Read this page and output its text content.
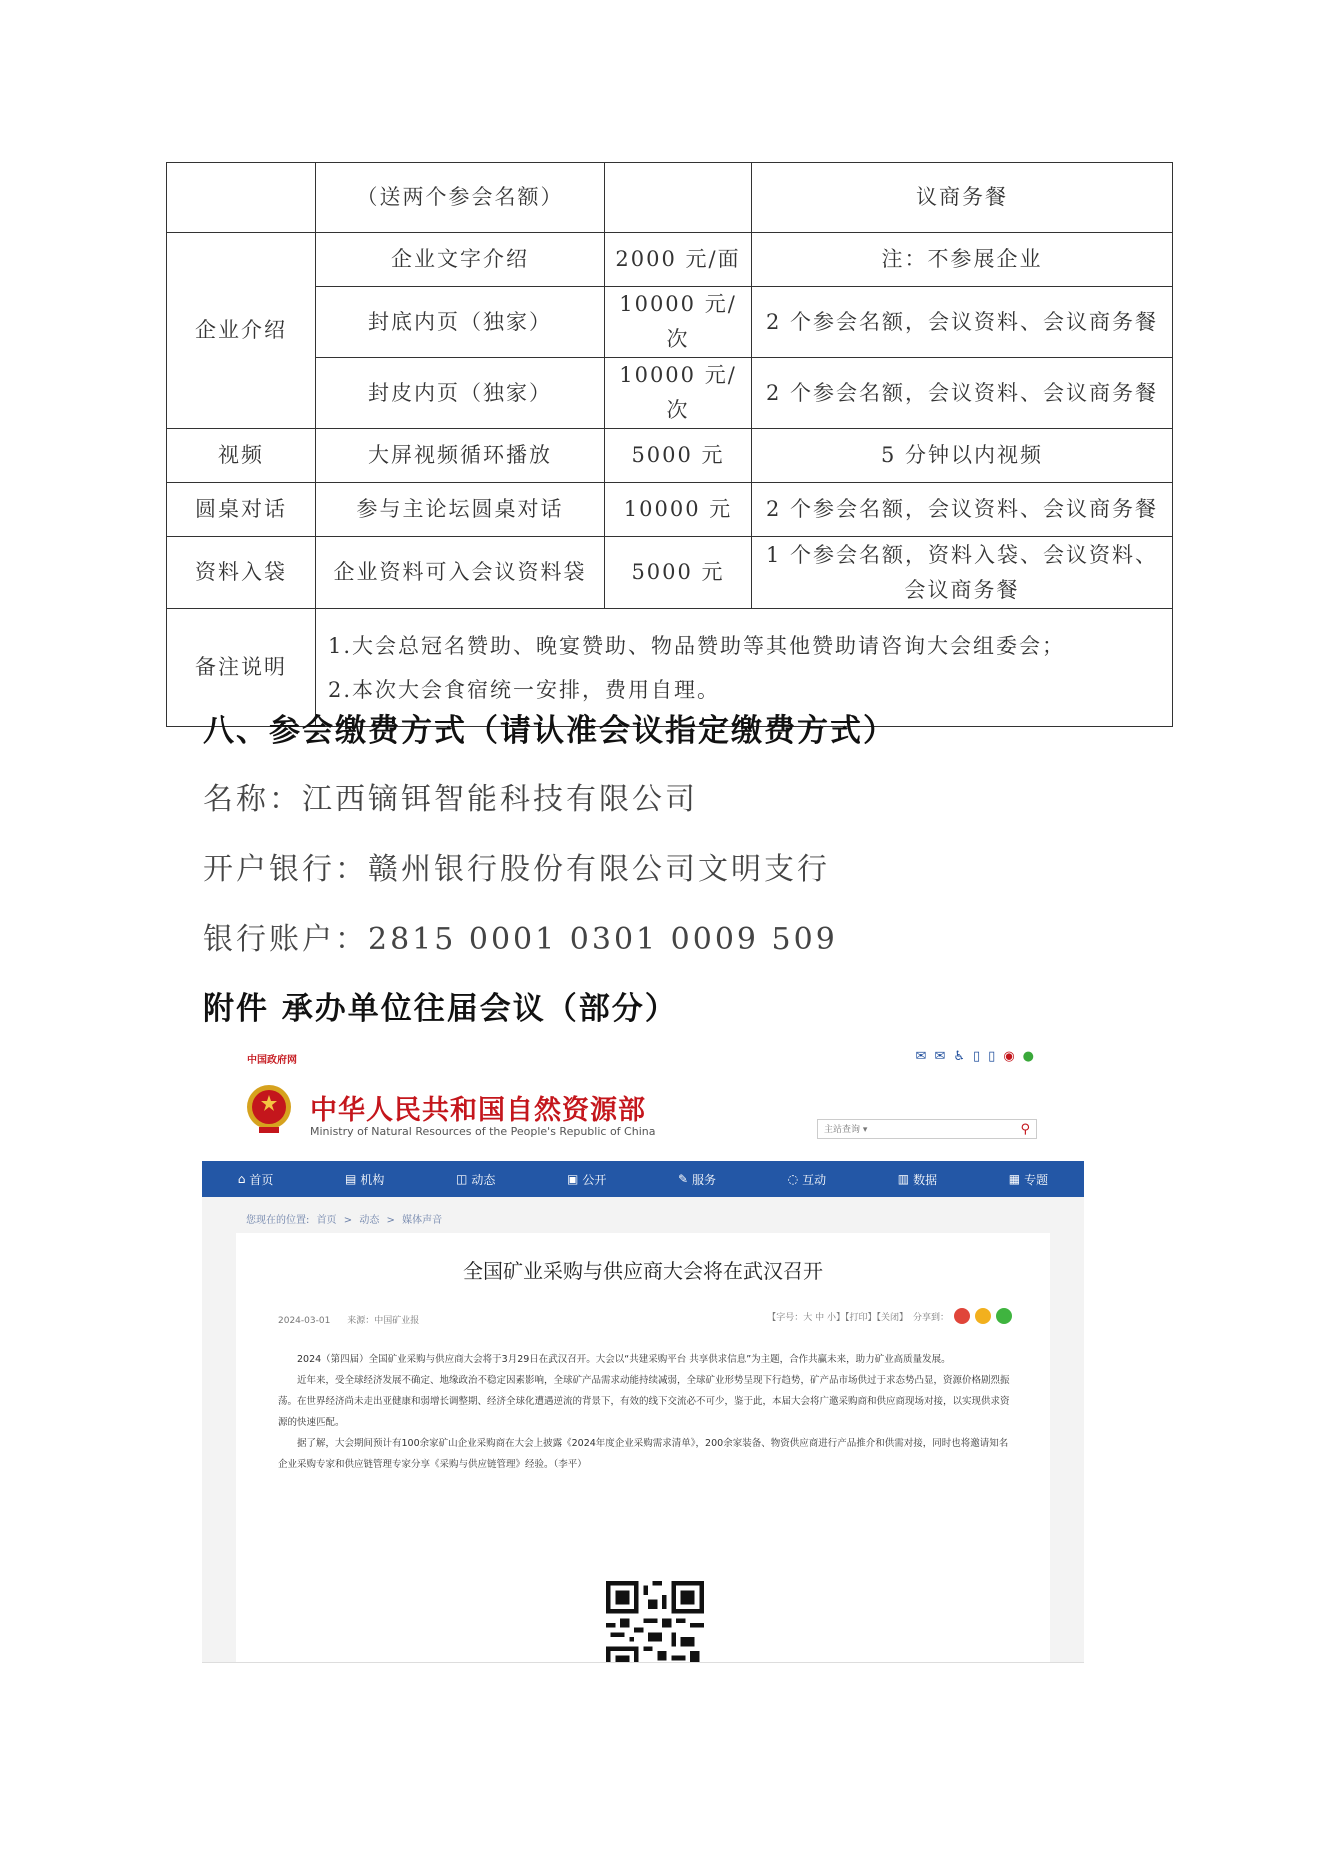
	（送两个参会名额）		议商务餐
企业介绍	企业文字介绍	2000 元/面	注：不参展企业
	封底内页（独家）	10000 元/次	2 个参会名额，会议资料、会议商务餐
	封皮内页（独家）	10000 元/次	2 个参会名额，会议资料、会议商务餐
视频	大屏视频循环播放	5000 元	5 分钟以内视频
圆桌对话	参与主论坛圆桌对话	10000 元	2 个参会名额，会议资料、会议商务餐
资料入袋	企业资料可入会议资料袋	5000 元	1 个参会名额，资料入袋、会议资料、会议商务餐
备注说明	1.大会总冠名赞助、晚宴赞助、物品赞助等其他赞助请咨询大会组委会；
2.本次大会食宿统一安排，费用自理。		
八、参会缴费方式（请认准会议指定缴费方式）
名称：江西镝铒智能科技有限公司
开户银行：赣州银行股份有限公司文明支行
银行账户：2815 0001 0301 0009 509
附件 承办单位往届会议（部分）
中国政府网	✉ ✉ ♿ ▯ ▯ ◉ ●
中华人民共和国自然资源部
Ministry of Natural Resources of the People's Republic of China	主站查询 ▾	⚲
⌂ 首页	▤ 机构	◫ 动态	▣ 公开	✎ 服务	◌ 互动	▥ 数据	▦ 专题
您现在的位置: 首页 > 动态 > 媒体声音
全国矿业采购与供应商大会将在武汉召开
2024-03-01 来源：中国矿业报	【字号：大 中 小】【打印】【关闭】 分享到：

2024（第四届）全国矿业采购与供应商大会将于3月29日在武汉召开。大会以“共建采购平台 共享供求信息”为主题，合作共赢未来，助力矿业高质量发展。

近年来，受全球经济发展不确定、地缘政治不稳定因素影响，全球矿产品需求动能持续减弱，全球矿业形势呈现下行趋势，矿产品市场供过于求态势凸显，资源价格剧烈振荡。在世界经济尚未走出亚健康和弱增长调整期、经济全球化遭遇逆流的背景下，有效的线下交流必不可少，鉴于此，本届大会将广邀采购商和供应商现场对接，以实现供求资源的快速匹配。

据了解，大会期间预计有100余家矿山企业采购商在大会上披露《2024年度企业采购需求清单》，200余家装备、物资供应商进行产品推介和供需对接，同时也将邀请知名企业采购专家和供应链管理专家分享《采购与供应链管理》经验。（李平）
